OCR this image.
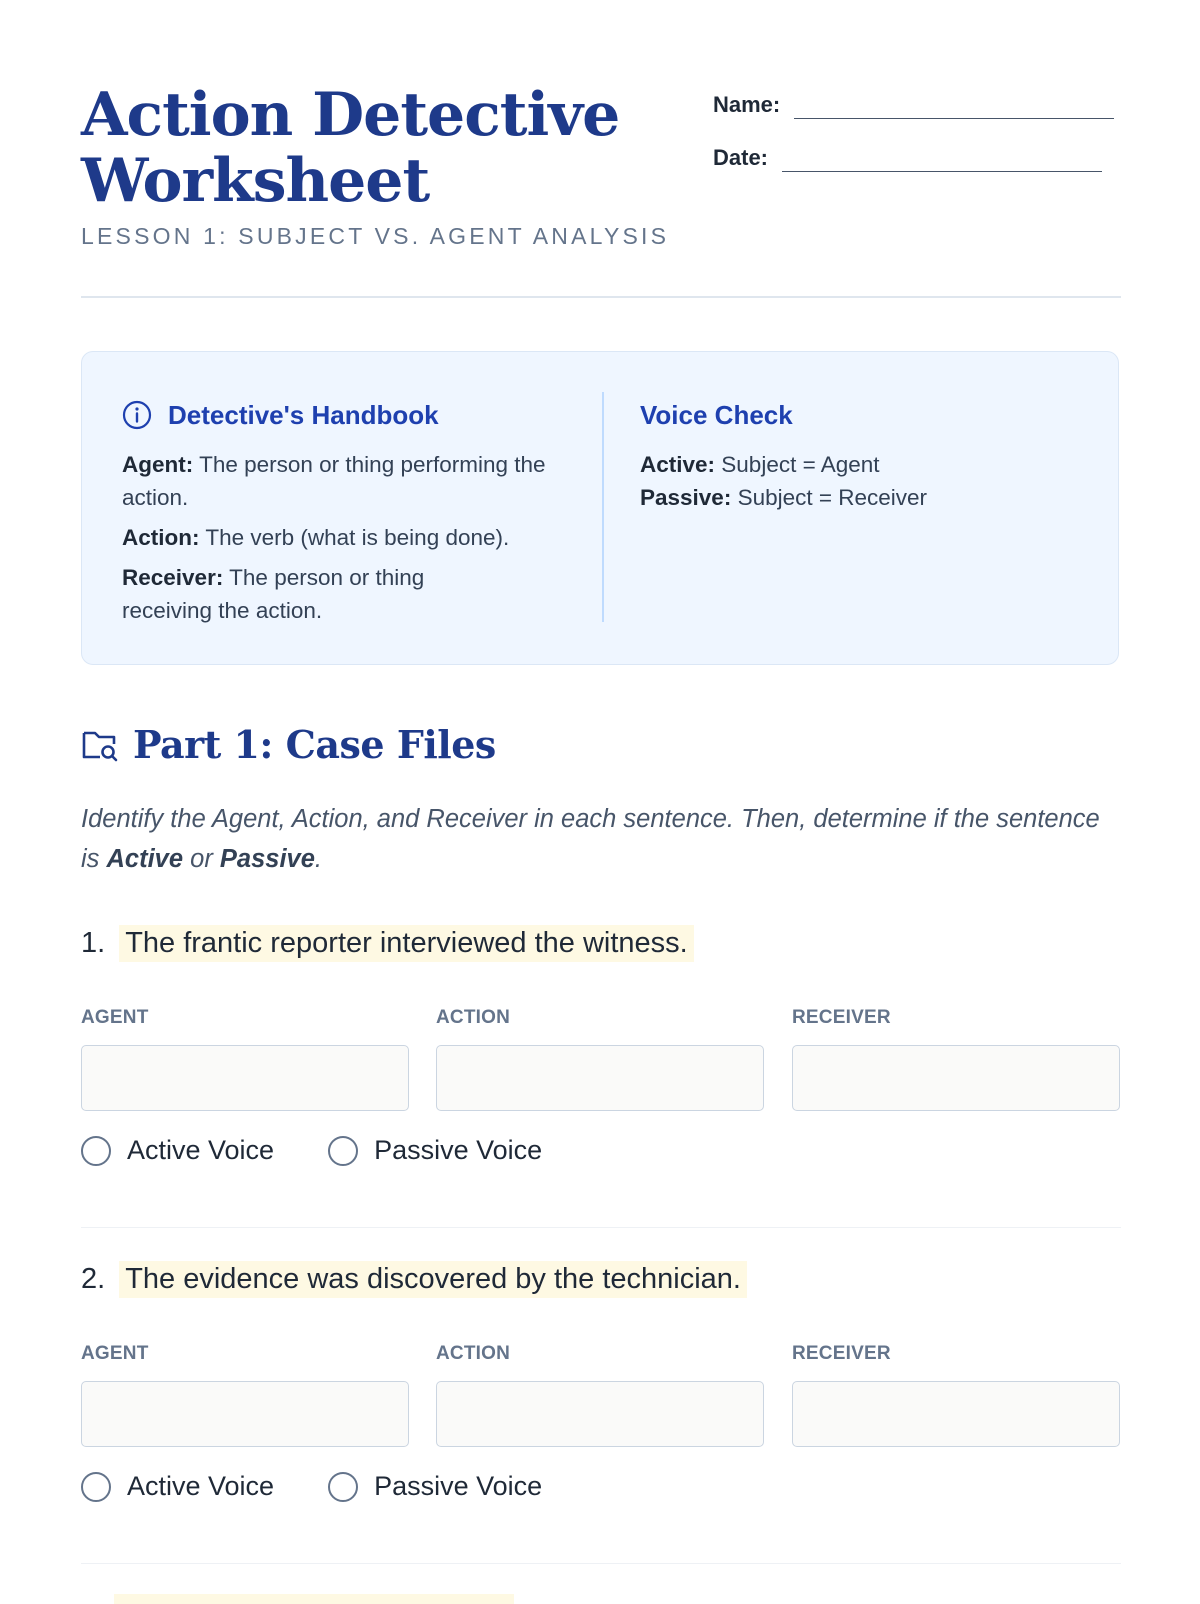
Action Detective Worksheet
LESSON 1: SUBJECT VS. AGENT ANALYSIS
Name:
Date:
Detective's Handbook

Agent: The person or thing performing the action.

Action: The verb (what is being done).

Receiver: The person or thing receiving the action.

Voice Check

Active: Subject = Agent

Passive: Subject = Receiver

Part 1: Case Files
Identify the Agent, Action, and Receiver in each sentence. Then, determine if the sentence is Active or Passive.
1. The frantic reporter interviewed the witness.
AGENT	ACTION	RECEIVER
Active Voice	Passive Voice
2. The evidence was discovered by the technician.
AGENT	ACTION	RECEIVER
Active Voice	Passive Voice
